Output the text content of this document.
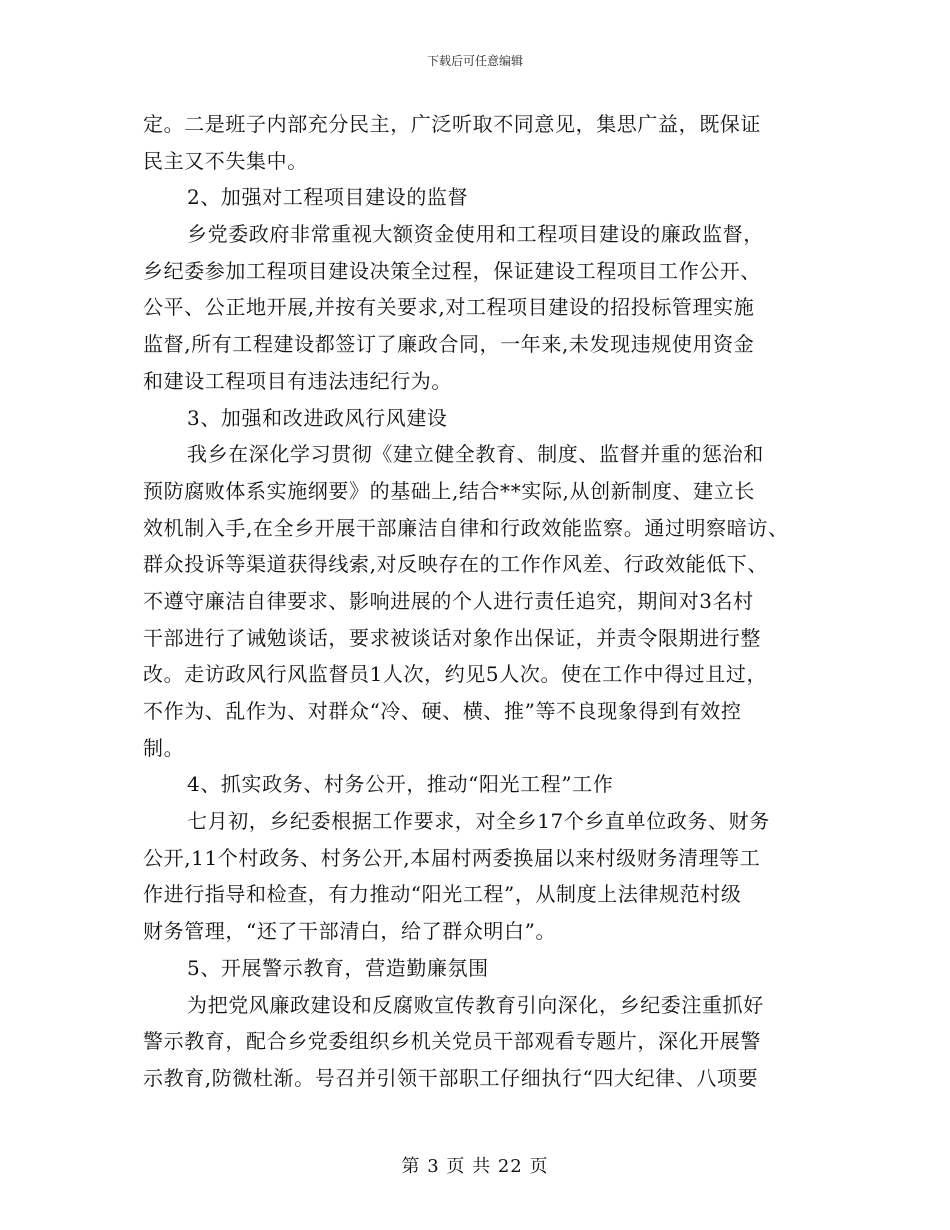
下载后可任意编辑
定。二是班子内部充分民主，广泛听取不同意见，集思广益，既保证
民主又不失集中。
2、加强对工程项目建设的监督
乡党委政府非常重视大额资金使用和工程项目建设的廉政监督，
乡纪委参加工程项目建设决策全过程，保证建设工程项目工作公开、
公平、公正地开展,并按有关要求,对工程项目建设的招投标管理实施
监督,所有工程建设都签订了廉政合同，一年来,未发现违规使用资金
和建设工程项目有违法违纪行为。
3、加强和改进政风行风建设
我乡在深化学习贯彻《建立健全教育、制度、监督并重的惩治和
预防腐败体系实施纲要》的基础上,结合**实际,从创新制度、建立长
效机制入手,在全乡开展干部廉洁自律和行政效能监察。通过明察暗访、
群众投诉等渠道获得线索,对反映存在的工作作风差、行政效能低下、
不遵守廉洁自律要求、影响进展的个人进行责任追究，期间对3名村
干部进行了诫勉谈话，要求被谈话对象作出保证，并责令限期进行整
改。走访政风行风监督员1人次，约见5人次。使在工作中得过且过，
不作为、乱作为、对群众“冷、硬、横、推”等不良现象得到有效控
制。
4、抓实政务、村务公开，推动“阳光工程”工作
七月初，乡纪委根据工作要求，对全乡17个乡直单位政务、财务
公开,11个村政务、村务公开,本届村两委换届以来村级财务清理等工
作进行指导和检查，有力推动“阳光工程”，从制度上法律规范村级
财务管理，“还了干部清白，给了群众明白”。
5、开展警示教育，营造勤廉氛围
为把党风廉政建设和反腐败宣传教育引向深化，乡纪委注重抓好
警示教育，配合乡党委组织乡机关党员干部观看专题片，深化开展警
示教育,防微杜渐。号召并引领干部职工仔细执行“四大纪律、八项要
第 3 页 共 22 页
